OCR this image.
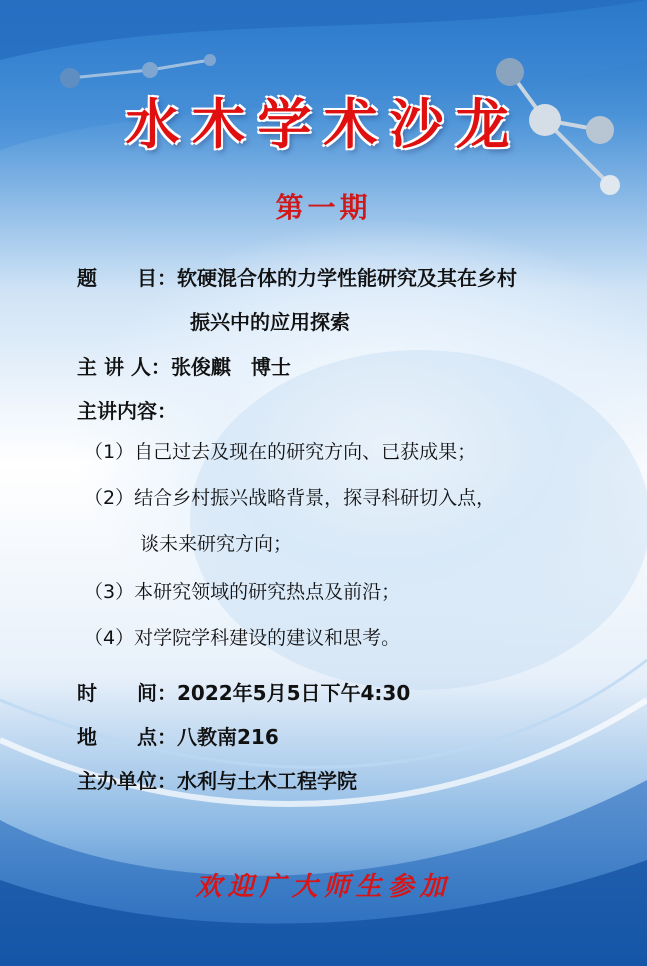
水木学术沙龙
第一期
题　　目：软硬混合体的力学性能研究及其在乡村
振兴中的应用探索
主 讲 人：张俊麒　博士
主讲内容：
（1）自己过去及现在的研究方向、已获成果；
（2）结合乡村振兴战略背景，探寻科研切入点，
谈未来研究方向；
（3）本研究领域的研究热点及前沿；
（4）对学院学科建设的建议和思考。
时　　间：2022年5月5日下午4:30
地　　点：八教南216
主办单位：水利与土木工程学院
欢迎广大师生参加
